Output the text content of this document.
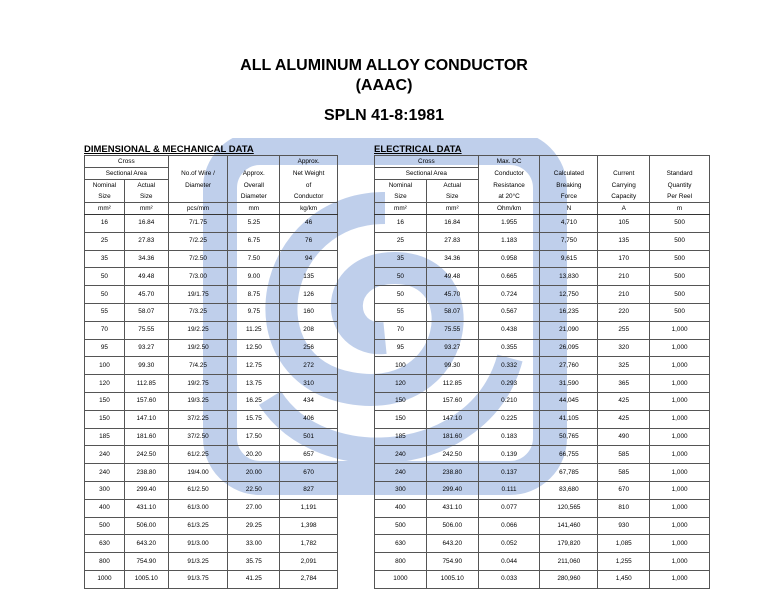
ALL ALUMINUM ALLOY CONDUCTOR
(AAAC)
SPLN 41-8:1981
DIMENSIONAL & MECHANICAL DATA	ELECTRICAL DATA
Cross				Approx.
Sectional Area		No.of Wire /	Approx.	Net Weight
Nominal	Actual	Diameter	Overall	of
Size	Size		Diameter	Conductor
mm²	mm²	pcs/mm	mm	kg/km
16	16.84	7/1.75	5.25	46
25	27.83	7/2.25	6.75	76
35	34.36	7/2.50	7.50	94
50	49.48	7/3.00	9.00	135
50	45.70	19/1.75	8.75	126
55	58.07	7/3.25	9.75	160
70	75.55	19/2.25	11.25	208
95	93.27	19/2.50	12.50	256
100	99.30	7/4.25	12.75	272
120	112.85	19/2.75	13.75	310
150	157.60	19/3.25	16.25	434
150	147.10	37/2.25	15.75	406
185	181.60	37/2.50	17.50	501
240	242.50	61/2.25	20.20	657
240	238.80	19/4.00	20.00	670
300	299.40	61/2.50	22.50	827
400	431.10	61/3.00	27.00	1,191
500	506.00	61/3.25	29.25	1,398
630	643.20	91/3.00	33.00	1,782
800	754.90	91/3.25	35.75	2,091
1000	1005.10	91/3.75	41.25	2,784
Cross		Max. DC			
Sectional Area		Conductor	Calculated	Current	Standard
Nominal	Actual	Resistance	Breaking	Carrying	Quantity
Size	Size	at 20°C	Force	Capacity	Per Reel
mm²	mm²	Ohm/km	N	A	m
16	16.84	1.955	4,710	105	500
25	27.83	1.183	7,750	135	500
35	34.36	0.958	9,615	170	500
50	49.48	0.665	13,830	210	500
50	45.70	0.724	12,750	210	500
55	58.07	0.567	16,235	220	500
70	75.55	0.438	21,090	255	1,000
95	93.27	0.355	26,095	320	1,000
100	99.30	0.332	27,760	325	1,000
120	112.85	0.293	31,590	365	1,000
150	157.60	0.210	44,045	425	1,000
150	147.10	0.225	41,105	425	1,000
185	181.60	0.183	50,765	490	1,000
240	242.50	0.139	66,755	585	1,000
240	238.80	0.137	67,785	585	1,000
300	299.40	0.111	83,680	670	1,000
400	431.10	0.077	120,565	810	1,000
500	506.00	0.066	141,460	930	1,000
630	643.20	0.052	179,820	1,085	1,000
800	754.90	0.044	211,060	1,255	1,000
1000	1005.10	0.033	280,960	1,450	1,000
